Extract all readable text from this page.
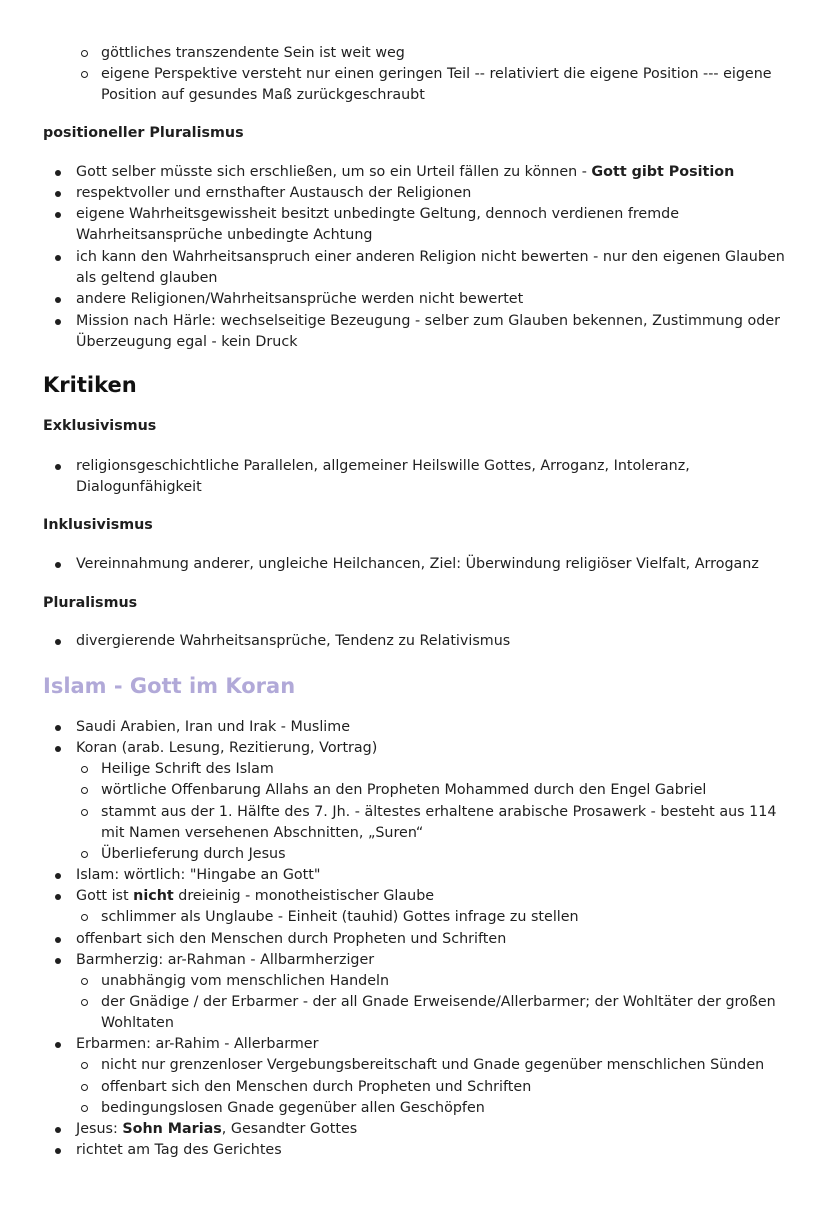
göttliches transzendente Sein ist weit weg
eigene Perspektive versteht nur einen geringen Teil -- relativiert die eigene Position --- eigene Position auf gesundes Maß zurückgeschraubt
positioneller Pluralismus
Gott selber müsste sich erschließen, um so ein Urteil fällen zu können - Gott gibt Position
respektvoller und ernsthafter Austausch der Religionen
eigene Wahrheitsgewissheit besitzt unbedingte Geltung, dennoch verdienen fremde Wahrheitsansprüche unbedingte Achtung
ich kann den Wahrheitsanspruch einer anderen Religion nicht bewerten - nur den eigenen Glauben als geltend glauben
andere Religionen/Wahrheitsansprüche werden nicht bewertet
Mission nach Härle: wechselseitige Bezeugung - selber zum Glauben bekennen, Zustimmung oder Überzeugung egal - kein Druck
Kritiken
Exklusivismus
religionsgeschichtliche Parallelen, allgemeiner Heilswille Gottes, Arroganz, Intoleranz, Dialogunfähigkeit
Inklusivismus
Vereinnahmung anderer, ungleiche Heilchancen, Ziel: Überwindung religiöser Vielfalt, Arroganz
Pluralismus
divergierende Wahrheitsansprüche, Tendenz zu Relativismus
Islam - Gott im Koran
Saudi Arabien, Iran und Irak - Muslime
Koran (arab. Lesung, Rezitierung, Vortrag)
Heilige Schrift des Islam
wörtliche Offenbarung Allahs an den Propheten Mohammed durch den Engel Gabriel
stammt aus der 1. Hälfte des 7. Jh. - ältestes erhaltene arabische Prosawerk - besteht aus 114 mit Namen versehenen Abschnitten, „Suren“
Überlieferung durch Jesus
Islam: wörtlich: "Hingabe an Gott"
Gott ist nicht dreieinig - monotheistischer Glaube
schlimmer als Unglaube - Einheit (tauhid) Gottes infrage zu stellen
offenbart sich den Menschen durch Propheten und Schriften
Barmherzig: ar-Rahman - Allbarmherziger
unabhängig vom menschlichen Handeln
der Gnädige / der Erbarmer - der all Gnade Erweisende/Allerbarmer; der Wohltäter der großen Wohltaten
Erbarmen: ar-Rahim - Allerbarmer
nicht nur grenzenloser Vergebungsbereitschaft und Gnade gegenüber menschlichen Sünden
offenbart sich den Menschen durch Propheten und Schriften
bedingungslosen Gnade gegenüber allen Geschöpfen
Jesus: Sohn Marias, Gesandter Gottes
richtet am Tag des Gerichtes
